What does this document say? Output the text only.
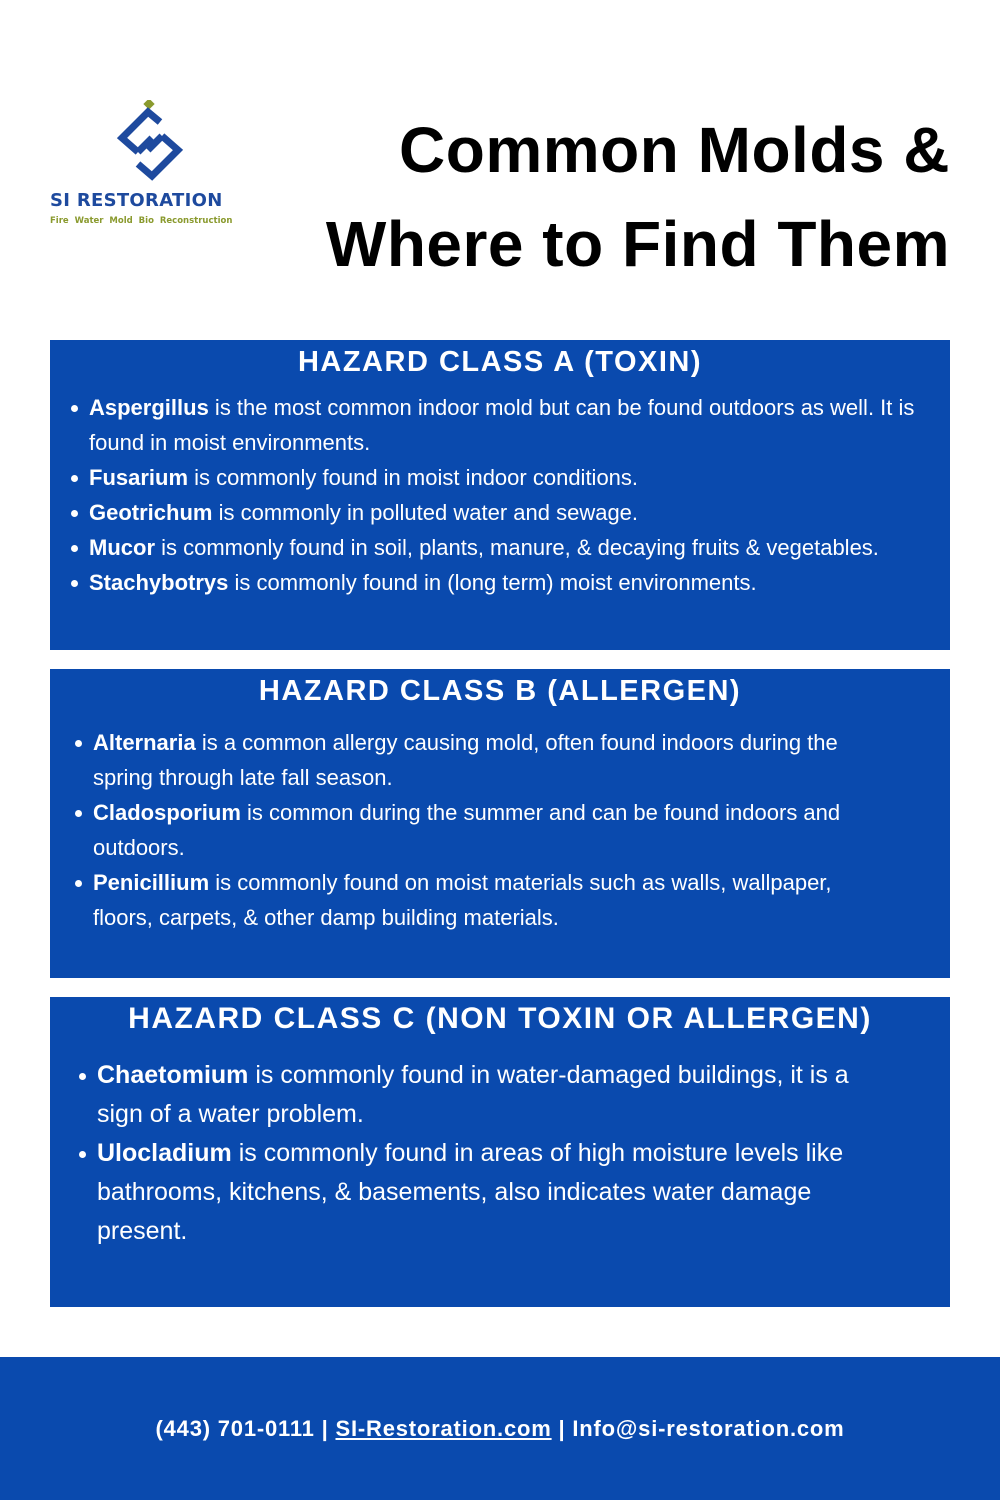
SI RESTORATION
Fire Water Mold Bio Reconstruction
Common Molds &
Where to Find Them
HAZARD CLASS A (TOXIN)
Aspergillus is the most common indoor mold but can be found outdoors as well. It is found in moist environments.
Fusarium is commonly found in moist indoor conditions.
Geotrichum is commonly in polluted water and sewage.
Mucor is commonly found in soil, plants, manure, & decaying fruits & vegetables.
Stachybotrys is commonly found in (long term) moist environments.
HAZARD CLASS B (ALLERGEN)
Alternaria is a common allergy causing mold, often found indoors during the spring through late fall season.
Cladosporium is common during the summer and can be found indoors and outdoors.
Penicillium is commonly found on moist materials such as walls, wallpaper, floors, carpets, & other damp building materials.
HAZARD CLASS C (NON TOXIN OR ALLERGEN)
Chaetomium is commonly found in water-damaged buildings, it is a sign of a water problem.
Ulocladium is commonly found in areas of high moisture levels like bathrooms, kitchens, & basements, also indicates water damage present.
(443) 701-0111 | SI-Restoration.com | Info@si-restoration.com
